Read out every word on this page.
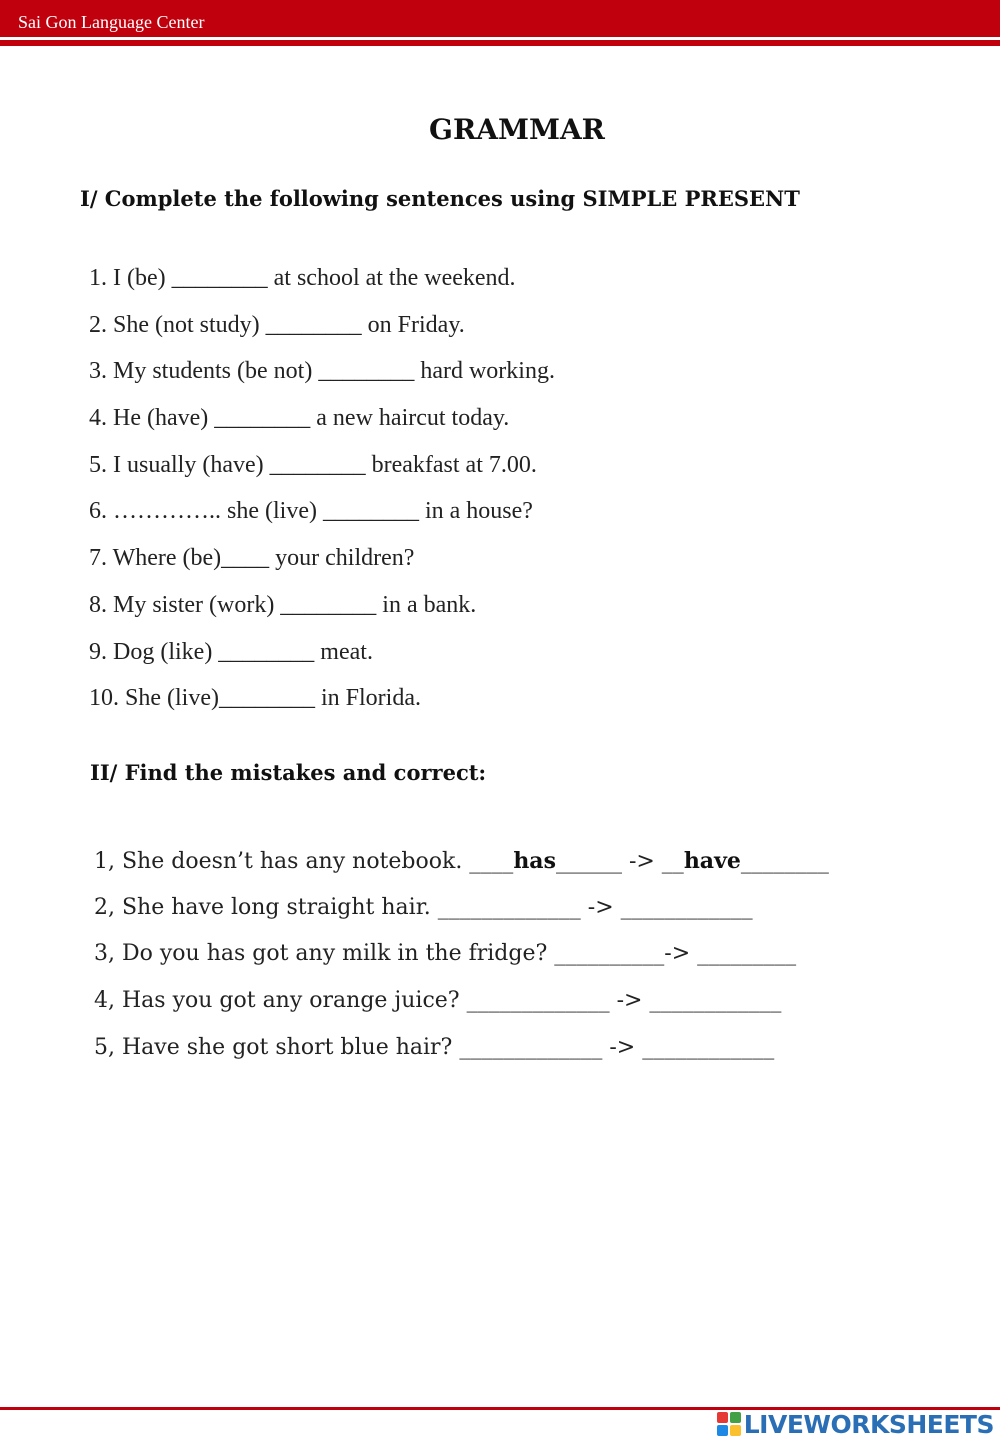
Sai Gon Language Center
GRAMMAR
I/ Complete the following sentences using SIMPLE PRESENT
1. I (be) ________ at school at the weekend.
2. She (not study) ________ on Friday.
3. My students (be not) ________ hard working.
4. He (have) ________ a new haircut today.
5. I usually (have) ________ breakfast at 7.00.
6. ………….. she (live) ________ in a house?
7. Where (be)____ your children?
8. My sister (work) ________ in a bank.
9. Dog (like) ________ meat.
10. She (live)________ in Florida.
II/ Find the mistakes and correct:
1, She doesn’t has any notebook. ____has______ -> __have________
2, She have long straight hair. _____________ -> ____________
3, Do you has got any milk in the fridge? __________-> _________
4, Has you got any orange juice? _____________ -> ____________
5, Have she got short blue hair? _____________ -> ____________
LIVEWORKSHEETS
